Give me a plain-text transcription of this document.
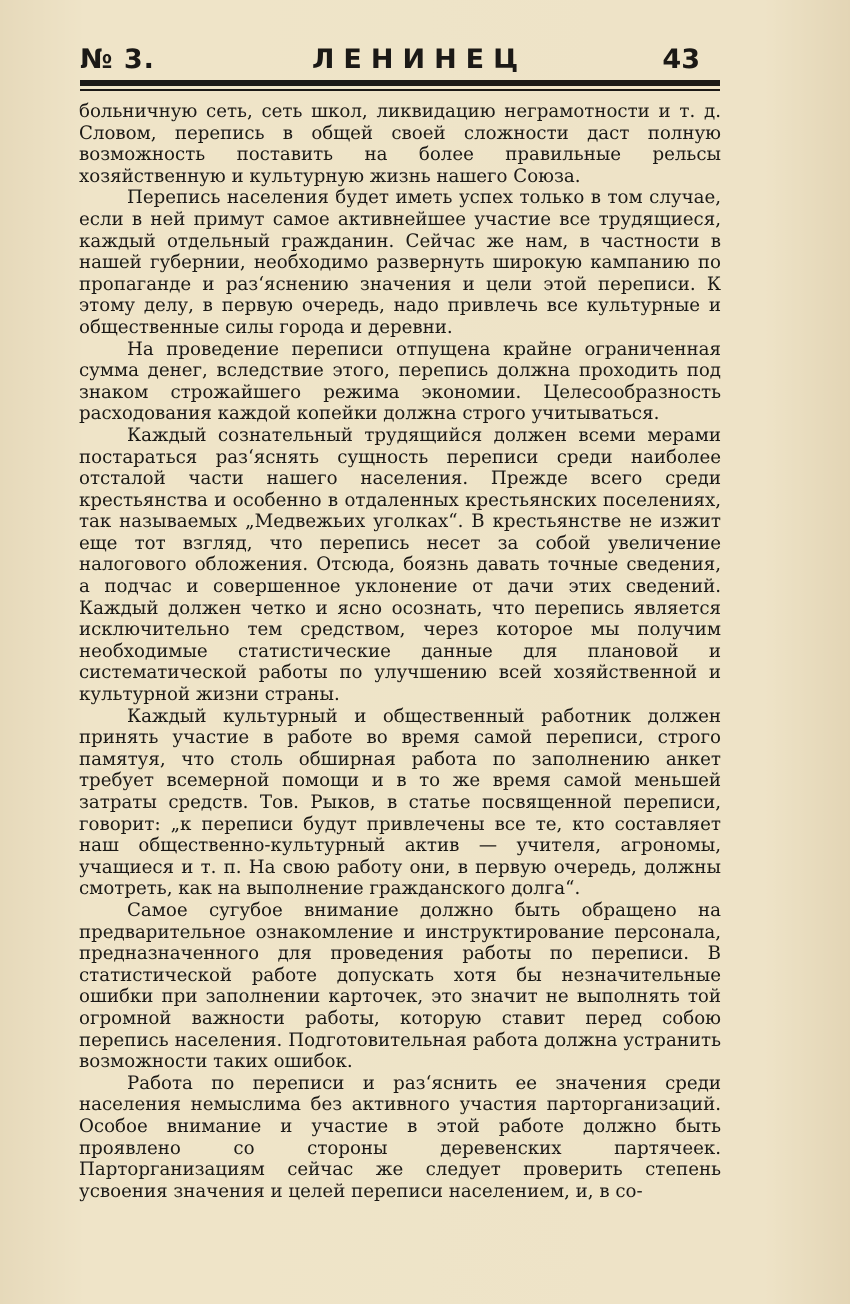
№ 3.	ЛЕНИНЕЦ	43

больничную сеть, сеть школ, ликвидацию неграмотности и т. д. Словом, перепись в общей своей сложности даст полную возможность поставить на более правильные рельсы хозяйственную и культурную жизнь нашего Союза.

Перепись населения будет иметь успех только в том случае, если в ней примут самое активнейшее участие все трудящиеся, каждый отдельный гражданин. Сейчас же нам, в частности в нашей губернии, необходимо развернуть широкую кампанию по пропаганде и раз‘яснению значения и цели этой переписи. К этому делу, в первую очередь, надо привлечь все культурные и общественные силы города и деревни.

На проведение переписи отпущена крайне ограниченная сумма денег, вследствие этого, перепись должна проходить под знаком строжайшего режима экономии. Целесообразность расходования каждой копейки должна строго учитываться.

Каждый сознательный трудящийся должен всеми мерами постараться раз‘яснять сущность переписи среди наиболее отсталой части нашего населения. Прежде всего среди крестьянства и особенно в отдаленных крестьянских поселениях, так называемых „Медвежьих уголках“. В крестьянстве не изжит еще тот взгляд, что перепись несет за собой увеличение налогового обложения. Отсюда, боязнь давать точные сведения, а подчас и совершенное уклонение от дачи этих сведений. Каждый должен четко и ясно осознать, что перепись является исключительно тем средством, через которое мы получим необходимые статистические данные для плановой и систематической работы по улучшению всей хозяйственной и культурной жизни страны.

Каждый культурный и общественный работник должен принять участие в работе во время самой переписи, строго памятуя, что столь обширная работа по заполнению анкет требует всемерной помощи и в то же время самой меньшей затраты средств. Тов. Рыков, в статье посвященной переписи, говорит: „к переписи будут привлечены все те, кто составляет наш общественно-культурный актив — учителя, агрономы, учащиеся и т. п. На свою работу они, в первую очередь, должны смотреть, как на выполнение гражданского долга“.

Самое сугубое внимание должно быть обращено на предварительное ознакомление и инструктирование персонала, предназначенного для проведения работы по переписи. В статистической работе допускать хотя бы незначительные ошибки при заполнении карточек, это значит не выполнять той огромной важности работы, которую ставит перед собою перепись населения. Подготовительная работа должна устранить возможности таких ошибок.

Работа по переписи и раз‘яснить ее значения среди населения немыслима без активного участия парторганизаций. Особое внимание и участие в этой работе должно быть проявлено со стороны деревенских партячеек. Парторганизациям сейчас же следует проверить степень усвоения значения и целей переписи населением, и, в со-
